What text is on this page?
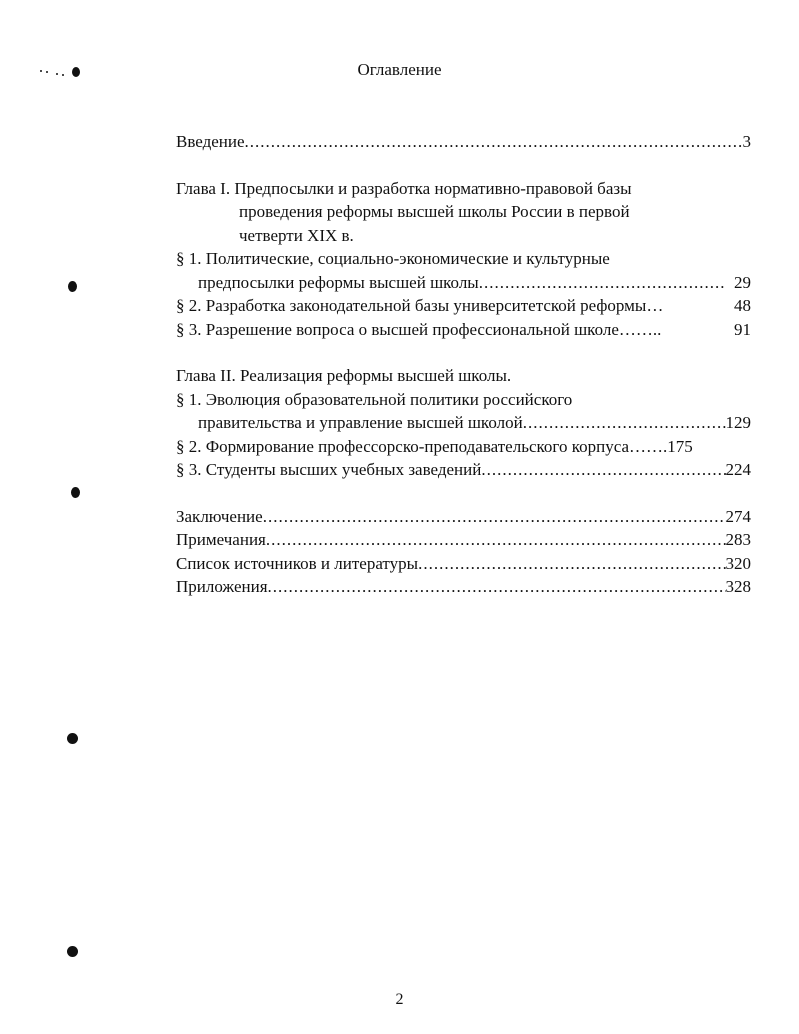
Оглавление
Введение .....	3
Глава I. Предпосылки и разработка нормативно-правовой базы
проведения реформы высшей школы России в первой
четверти XIX в.
§ 1. Политические, социально-экономические и культурные
предпосылки реформы высшей школы .....	29
§ 2. Разработка законодательной базы университетской реформы…	48
§ 3. Разрешение вопроса о высшей профессиональной школе……..	91
Глава II. Реализация реформы высшей школы.
§ 1. Эволюция образовательной политики российского
правительства и управление высшей школой .....	129
§ 2. Формирование профессорско-преподавательского корпуса……. 175
§ 3. Студенты высших учебных заведений .....	224
Заключение .....	274
Примечания .....	283
Список источников и литературы .....	320
Приложения .....	328
2
